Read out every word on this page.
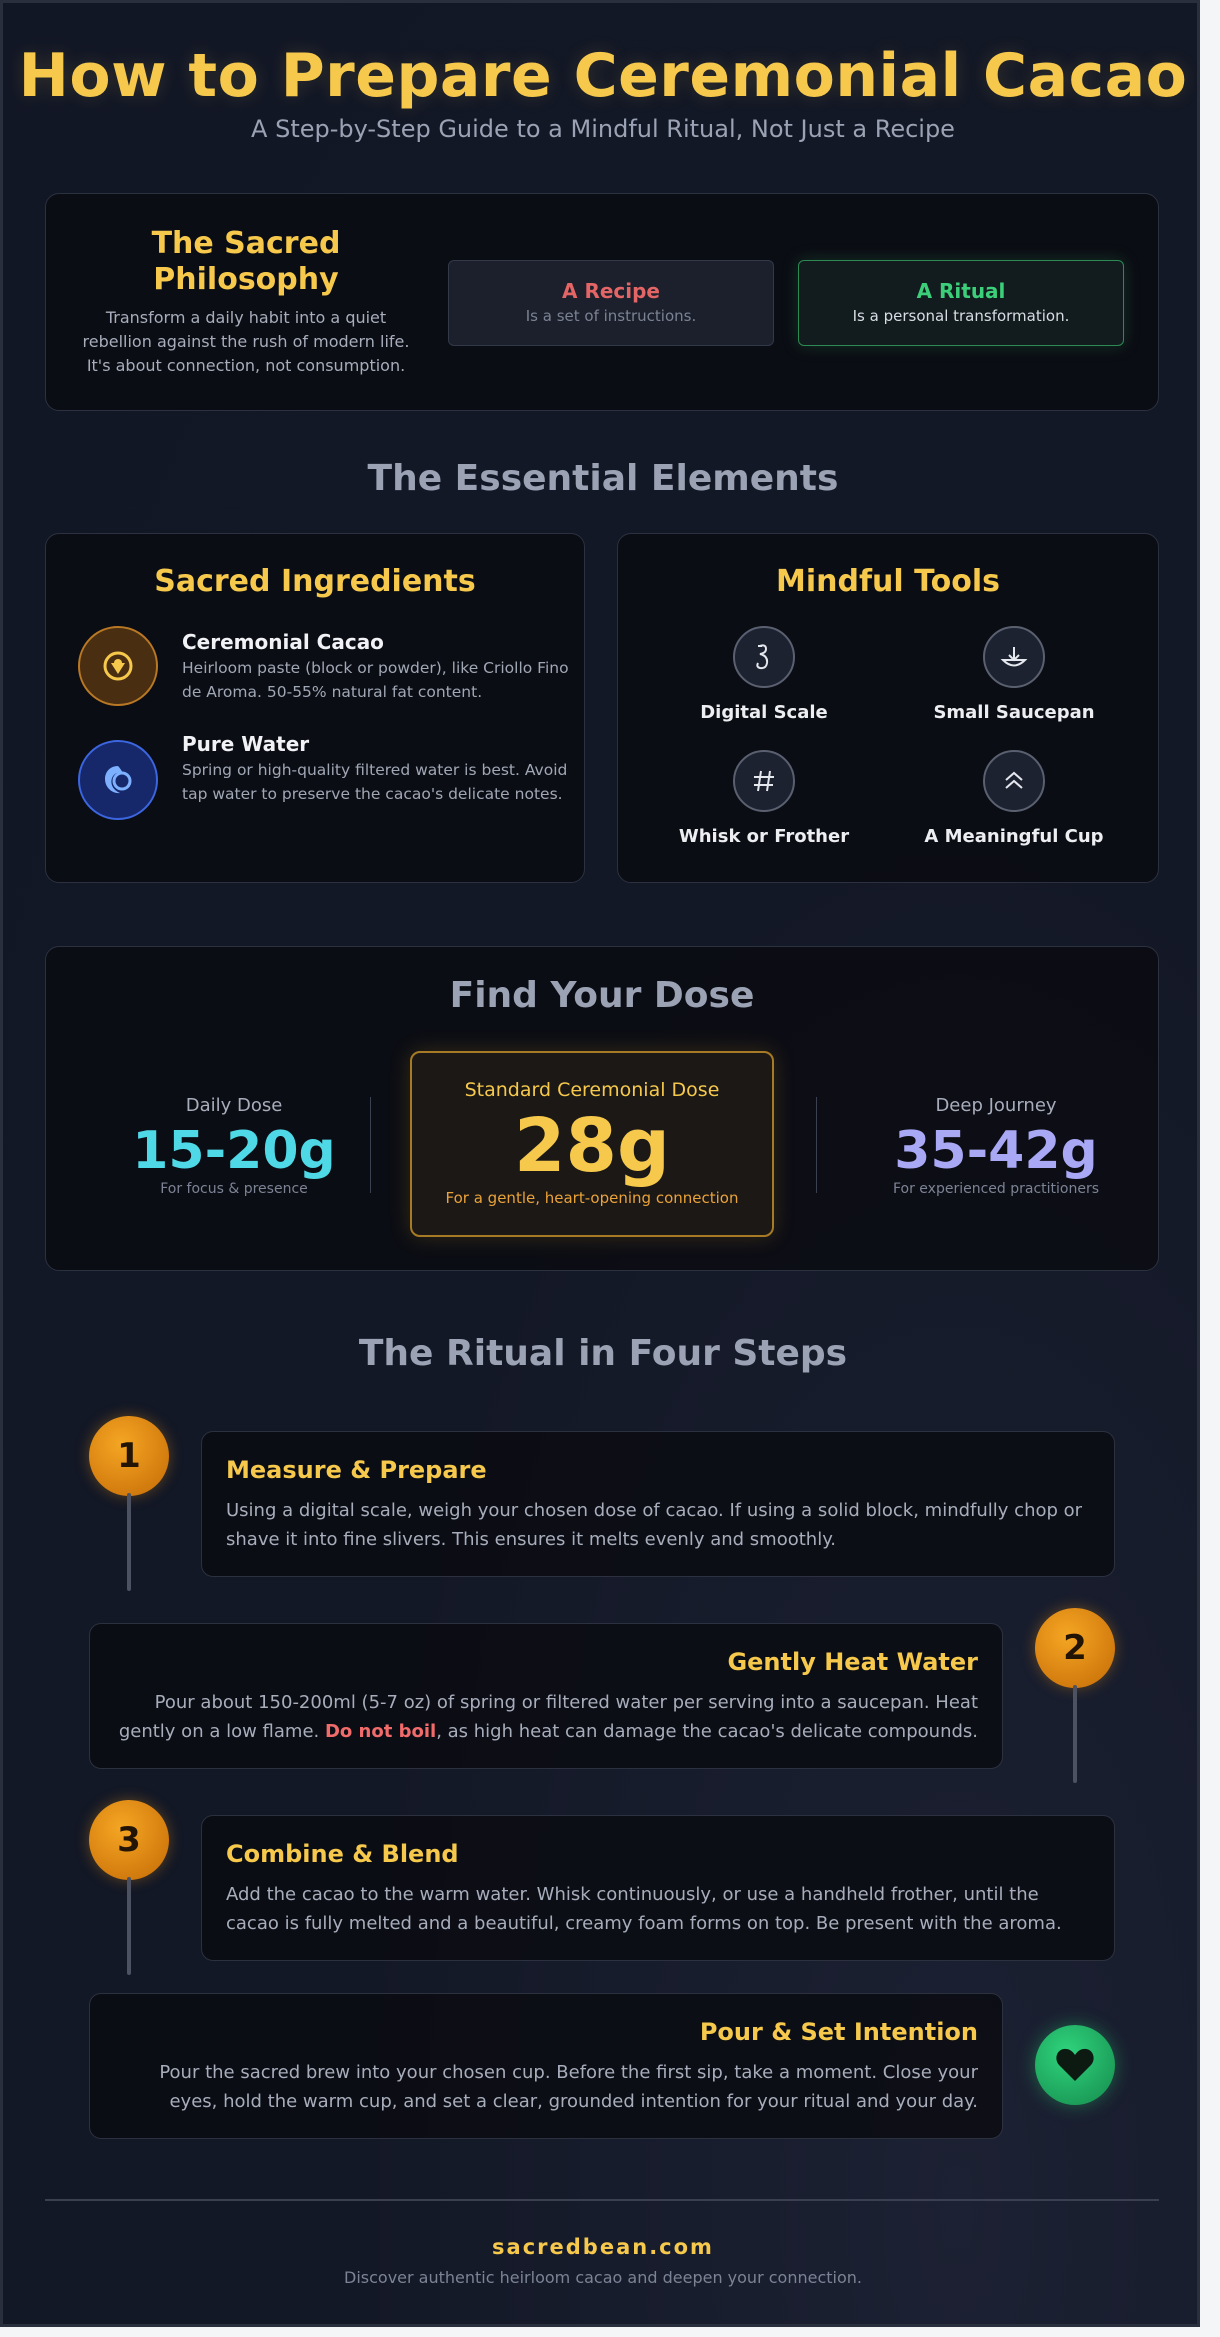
How to Prepare Ceremonial Cacao
A Step-by-Step Guide to a Mindful Ritual, Not Just a Recipe
The Sacred Philosophy
Transform a daily habit into a quiet rebellion against the rush of modern life. It's about connection, not consumption.
A Recipe
Is a set of instructions.
A Ritual
Is a personal transformation.
The Essential Elements
Sacred Ingredients
Ceremonial Cacao
Heirloom paste (block or powder), like Criollo Fino de Aroma. 50-55% natural fat content.
Pure Water
Spring or high-quality filtered water is best. Avoid tap water to preserve the cacao's delicate notes.
Mindful Tools
Digital Scale	Small Saucepan
Whisk or Frother	A Meaningful Cup
Find Your Dose
Daily Dose
15-20g
For focus & presence
Standard Ceremonial Dose
28g
For a gentle, heart-opening connection
Deep Journey
35-42g
For experienced practitioners
The Ritual in Four Steps
1	Measure & Prepare
Using a digital scale, weigh your chosen dose of cacao. If using a solid block, mindfully chop or shave it into fine slivers. This ensures it melts evenly and smoothly.
Gently Heat Water
Pour about 150-200ml (5-7 oz) of spring or filtered water per serving into a saucepan. Heat gently on a low flame. Do not boil, as high heat can damage the cacao's delicate compounds.
2
3	Combine & Blend
Add the cacao to the warm water. Whisk continuously, or use a handheld frother, until the cacao is fully melted and a beautiful, creamy foam forms on top. Be present with the aroma.
Pour & Set Intention
Pour the sacred brew into your chosen cup. Before the first sip, take a moment. Close your eyes, hold the warm cup, and set a clear, grounded intention for your ritual and your day.
sacredbean.com
Discover authentic heirloom cacao and deepen your connection.
